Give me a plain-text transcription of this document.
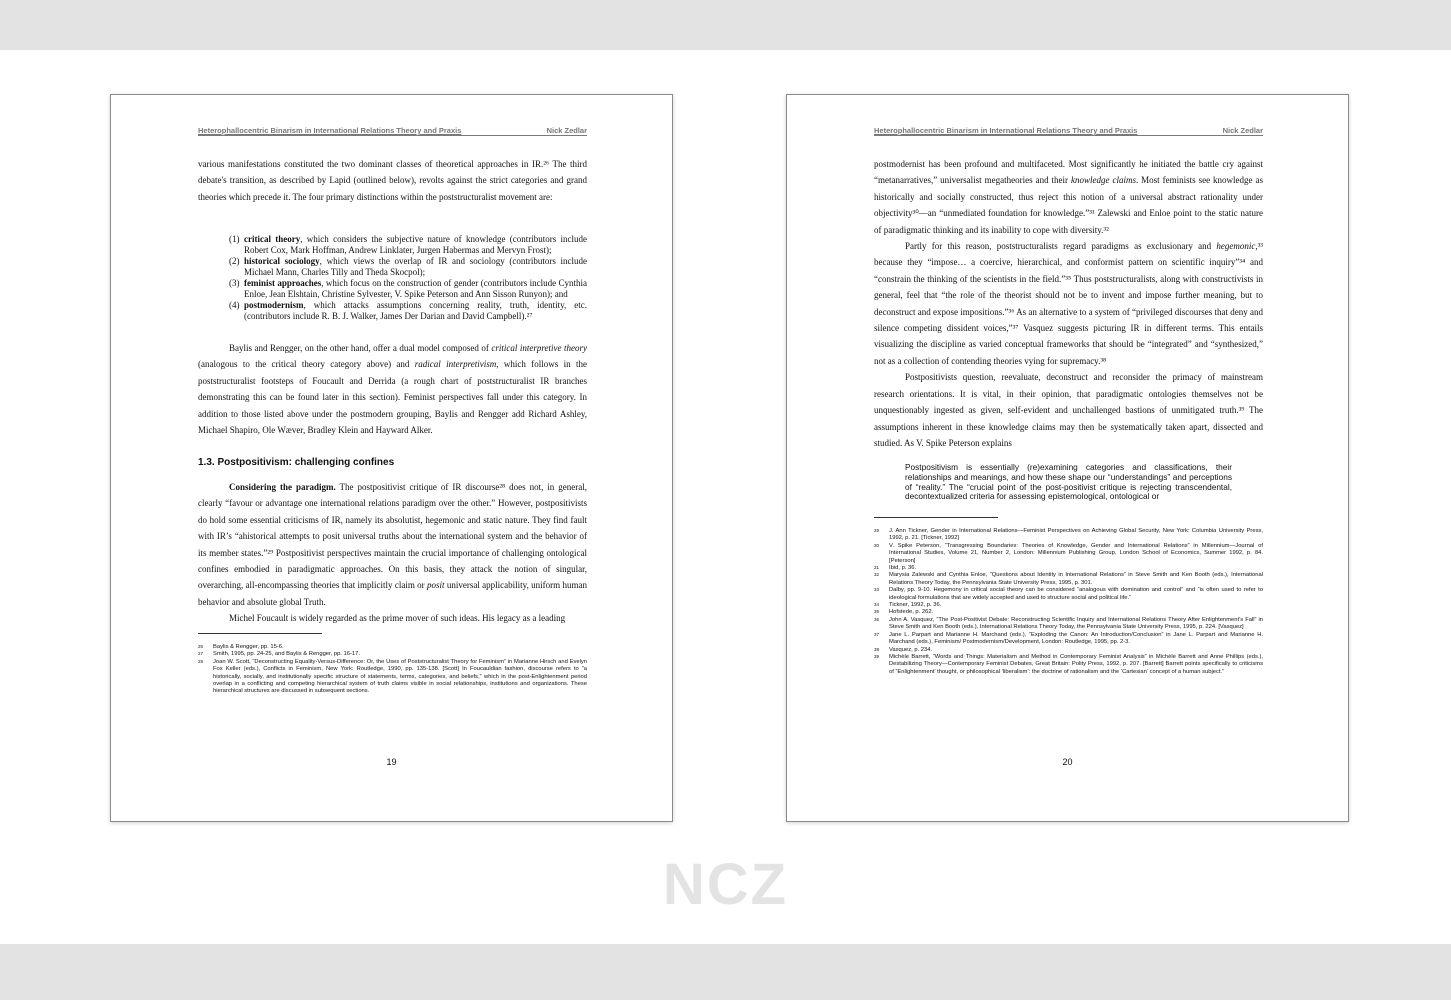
Heterophallocentric Binarism in International Relations Theory and Praxis	Nick Zedlar

various manifestations constituted the two dominant classes of theoretical approaches in IR.²⁶ The third debate's transition, as described by Lapid (outlined below), revolts against the strict categories and grand theories which precede it. The four primary distinctions within the poststructuralist movement are:

(1) critical theory, which considers the subjective nature of knowledge (contributors include Robert Cox, Mark Hoffman, Andrew Linklater, Jurgen Habermas and Mervyn Frost);
(2) historical sociology, which views the overlap of IR and sociology (contributors include Michael Mann, Charles Tilly and Theda Skocpol);
(3) feminist approaches, which focus on the construction of gender (contributors include Cynthia Enloe, Jean Elshtain, Christine Sylvester, V. Spike Peterson and Ann Sisson Runyon); and
(4) postmodernism, which attacks assumptions concerning reality, truth, identity, etc. (contributors include R. B. J. Walker, James Der Darian and David Campbell).²⁷

Baylis and Rengger, on the other hand, offer a dual model composed of critical interpretive theory (analogous to the critical theory category above) and radical interpretivism, which follows in the poststructuralist footsteps of Foucault and Derrida (a rough chart of poststructuralist IR branches demonstrating this can be found later in this section). Feminist perspectives fall under this category. In addition to those listed above under the postmodern grouping, Baylis and Rengger add Richard Ashley, Michael Shapiro, Ole Wæver, Bradley Klein and Hayward Alker.

1.3. Postpositivism: challenging confines

Considering the paradigm. The postpositivist critique of IR discourse²⁸ does not, in general, clearly “favour or advantage one international relations paradigm over the other.” However, postpositivists do hold some essential criticisms of IR, namely its absolutist, hegemonic and static nature. They find fault with IR’s “ahistorical attempts to posit universal truths about the international system and the behavior of its member states.”²⁹ Postpositivist perspectives maintain the crucial importance of challenging ontological confines embodied in paradigmatic approaches. On this basis, they attack the notion of singular, overarching, all-encompassing theories that implicitly claim or posit universal applicability, uniform human behavior and absolute global Truth.

Michel Foucault is widely regarded as the prime mover of such ideas. His legacy as a leading

26 Baylis & Rengger, pp. 15-6.
27 Smith, 1995, pp. 24-25, and Baylis & Rengger, pp. 16-17.
28 Joan W. Scott, “Deconstructing Equality-Versus-Difference: Or, the Uses of Poststructuralist Theory for Feminism” in Marianne Hirsch and Evelyn Fox Keller (eds.), Conflicts in Feminism, New York: Routledge, 1990, pp. 135-138. [Scott] In Foucauldian fashion, discourse refers to “a historically, socially, and institutionally specific structure of statements, terms, categories, and beliefs,” which in the post-Enlightenment period overlap in a conflicting and competing hierarchical system of truth claims visible in social relationships, institutions and organizations. These hierarchical structures are discussed in subsequent sections.
19
Heterophallocentric Binarism in International Relations Theory and Praxis	Nick Zedlar

postmodernist has been profound and multifaceted. Most significantly he initiated the battle cry against “metanarratives,” universalist megatheories and their knowledge claims. Most feminists see knowledge as historically and socially constructed, thus reject this notion of a universal abstract rationality under objectivity³⁰—an “unmediated foundation for knowledge.”³¹ Zalewski and Enloe point to the static nature of paradigmatic thinking and its inability to cope with diversity.³²

Partly for this reason, poststructuralists regard paradigms as exclusionary and hegemonic,³³ because they “impose… a coercive, hierarchical, and conformist pattern on scientific inquiry”³⁴ and “constrain the thinking of the scientists in the field.”³⁵ Thus poststructuralists, along with constructivists in general, feel that “the role of the theorist should not be to invent and impose further meaning, but to deconstruct and expose impositions.”³⁶ As an alternative to a system of “privileged discourses that deny and silence competing dissident voices,”³⁷ Vasquez suggests picturing IR in different terms. This entails visualizing the discipline as varied conceptual frameworks that should be “integrated” and “synthesized,” not as a collection of contending theories vying for supremacy.³⁸

Postpositivists question, reevaluate, deconstruct and reconsider the primacy of mainstream research orientations. It is vital, in their opinion, that paradigmatic ontologies themselves not be unquestionably ingested as given, self-evident and unchallenged bastions of unmitigated truth.³⁹ The assumptions inherent in these knowledge claims may then be systematically taken apart, dissected and studied. As V. Spike Peterson explains

Postpositivism is essentially (re)examining categories and classifications, their relationships and meanings, and how these shape our “understandings” and perceptions of “reality.” The “crucial point of the post-positivist critique is rejecting transcendental, decontextualized criteria for assessing epistemological, ontological or

29 J. Ann Tickner, Gender in International Relations—Feminist Perspectives on Achieving Global Security, New York: Columbia University Press, 1992, p. 21. [Tickner, 1992]
30 V. Spike Peterson, “Transgressing Boundaries: Theories of Knowledge, Gender and International Relations” in Millennium—Journal of International Studies, Volume 21, Number 2, London: Millennium Publishing Group, London School of Economics, Summer 1992, p. 84. [Peterson]
31 Ibid, p. 36.
32 Marysia Zalewski and Cynthia Enloe, “Questions about Identity in International Relations” in Steve Smith and Ken Booth (eds.), International Relations Theory Today, the Pennsylvania State University Press, 1995, p. 301.
33 Dalby, pp. 9-10. Hegemony in critical social theory can be considered “analogous with domination and control” and “is often used to refer to ideological formulations that are widely accepted and used to structure social and political life.”
34 Tickner, 1992, p. 36.
35 Hofstede, p. 262.
36 John A. Vasquez, “The Post-Positivist Debate: Reconstructing Scientific Inquiry and International Relations Theory After Enlightenment’s Fall” in Steve Smith and Ken Booth (eds.), International Relations Theory Today, the Pennsylvania State University Press, 1995, p. 224. [Vasquez]
37 Jane L. Parpart and Marianne H. Marchand (eds.), “Exploding the Canon: An Introduction/Conclusion” in Jane L. Parpart and Marianne H. Marchand (eds.), Feminism/ Postmodernism/Development, London: Routledge, 1995, pp. 2-3.
38 Vasquez, p. 234.
39 Michèle Barrett, “Words and Things: Materialism and Method in Contemporary Feminist Analysis” in Michèle Barrett and Anne Phillips (eds.), Destabilizing Theory—Contemporary Feminist Debates, Great Britain: Polity Press, 1992, p. 207. [Barrett] Barrett points specifically to criticisms of “Enlightenment’ thought, or philosophical ‘liberalism’: the doctrine of rationalism and the ‘Cartesian’ concept of a human subject.”
20
NCZ
